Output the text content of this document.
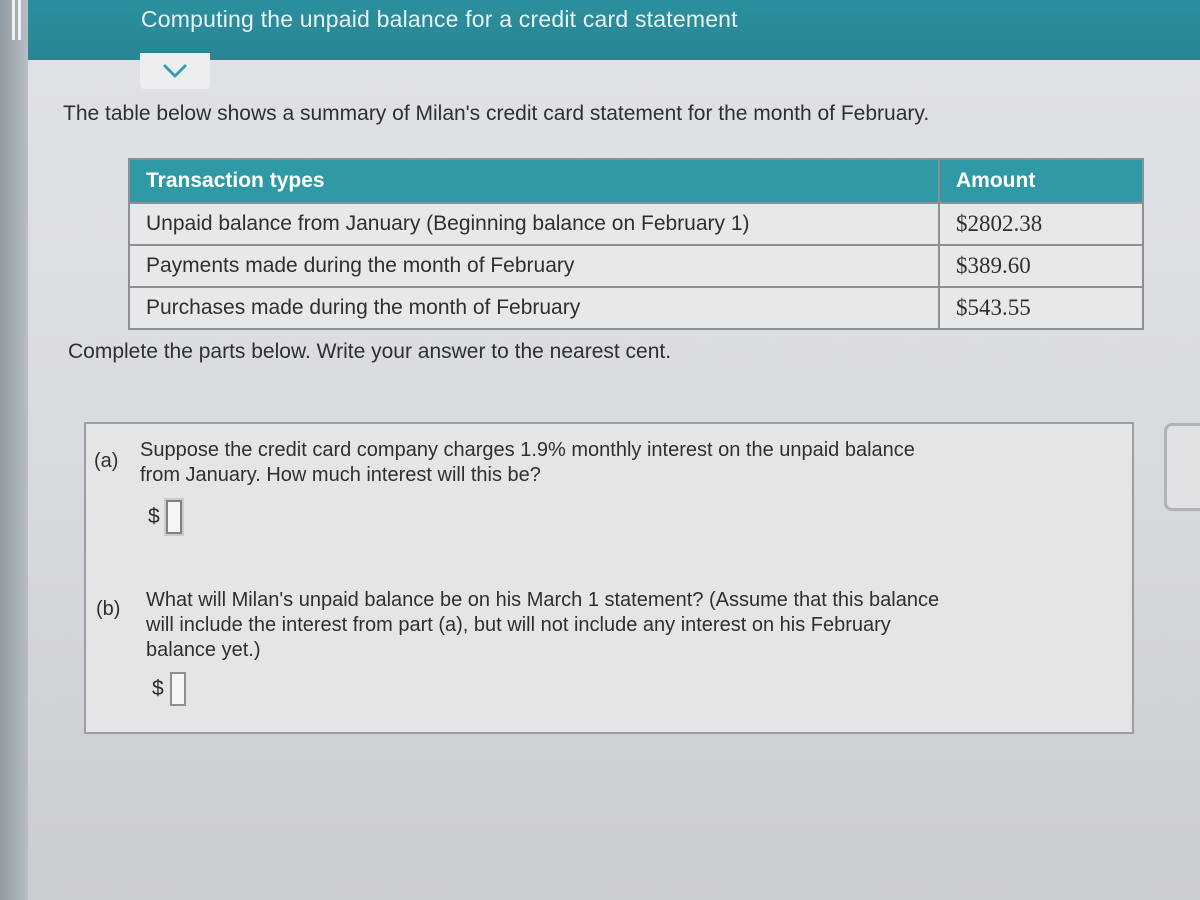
Computing the unpaid balance for a credit card statement
The table below shows a summary of Milan's credit card statement for the month of February.
Transaction types	Amount
Unpaid balance from January (Beginning balance on February 1)	$2802.38
Payments made during the month of February	$389.60
Purchases made during the month of February	$543.55
Complete the parts below. Write your answer to the nearest cent.
(a) Suppose the credit card company charges 1.9% monthly interest on the unpaid balance
from January. How much interest will this be?
$
(b) What will Milan's unpaid balance be on his March 1 statement? (Assume that this balance
will include the interest from part (a), but will not include any interest on his February
balance yet.)
$
